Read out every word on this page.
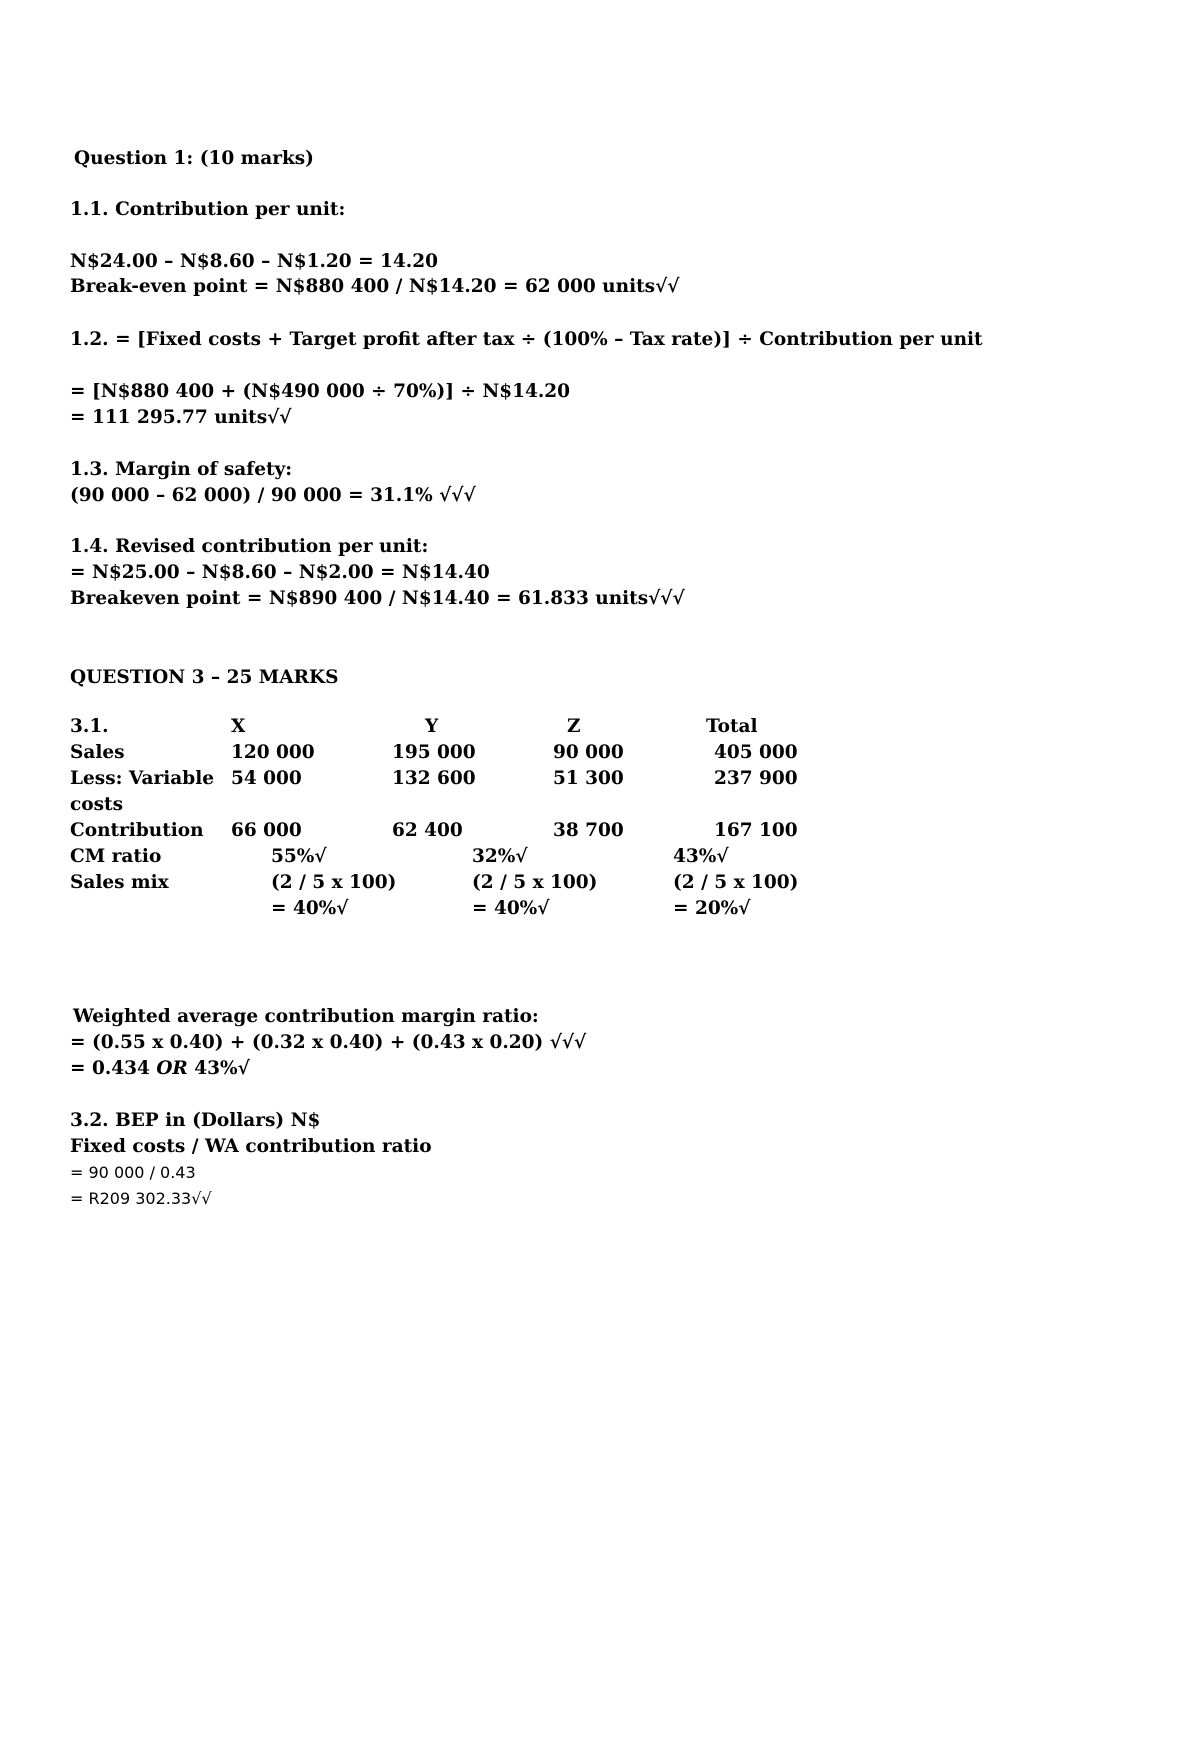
Question 1: (10 marks)
1.1. Contribution per unit:
N$24.00 – N$8.60 – N$1.20 = 14.20
Break-even point = N$880 400 / N$14.20 = 62 000 units√√
1.2. = [Fixed costs + Target profit after tax ÷ (100% – Tax rate)] ÷ Contribution per unit
= [N$880 400 + (N$490 000 ÷ 70%)] ÷ N$14.20
= 111 295.77 units√√
1.3. Margin of safety:
(90 000 – 62 000) / 90 000 = 31.1% √√√
1.4. Revised contribution per unit:
= N$25.00 – N$8.60 – N$2.00 = N$14.40
Breakeven point = N$890 400 / N$14.40 = 61.833 units√√√
QUESTION 3 – 25 MARKS
3.1.	X	Y	Z	Total
Sales	120 000	195 000	90 000	405 000
Less: Variable
costs
54 000	132 600	51 300	237 900
Contribution 66 000	62 400	38 700	167 100
CM ratio	55%√	32%√	43%√
Sales mix	(2 / 5 x 100)	(2 / 5 x 100)	(2 / 5 x 100)
= 40%√	= 40%√	= 20%√
Weighted average contribution margin ratio:
= (0.55 x 0.40) + (0.32 x 0.40) + (0.43 x 0.20) √√√
= 0.434 OR 43%√
3.2. BEP in (Dollars) N$
Fixed costs / WA contribution ratio
= 90 000 / 0.43
= R209 302.33√√
